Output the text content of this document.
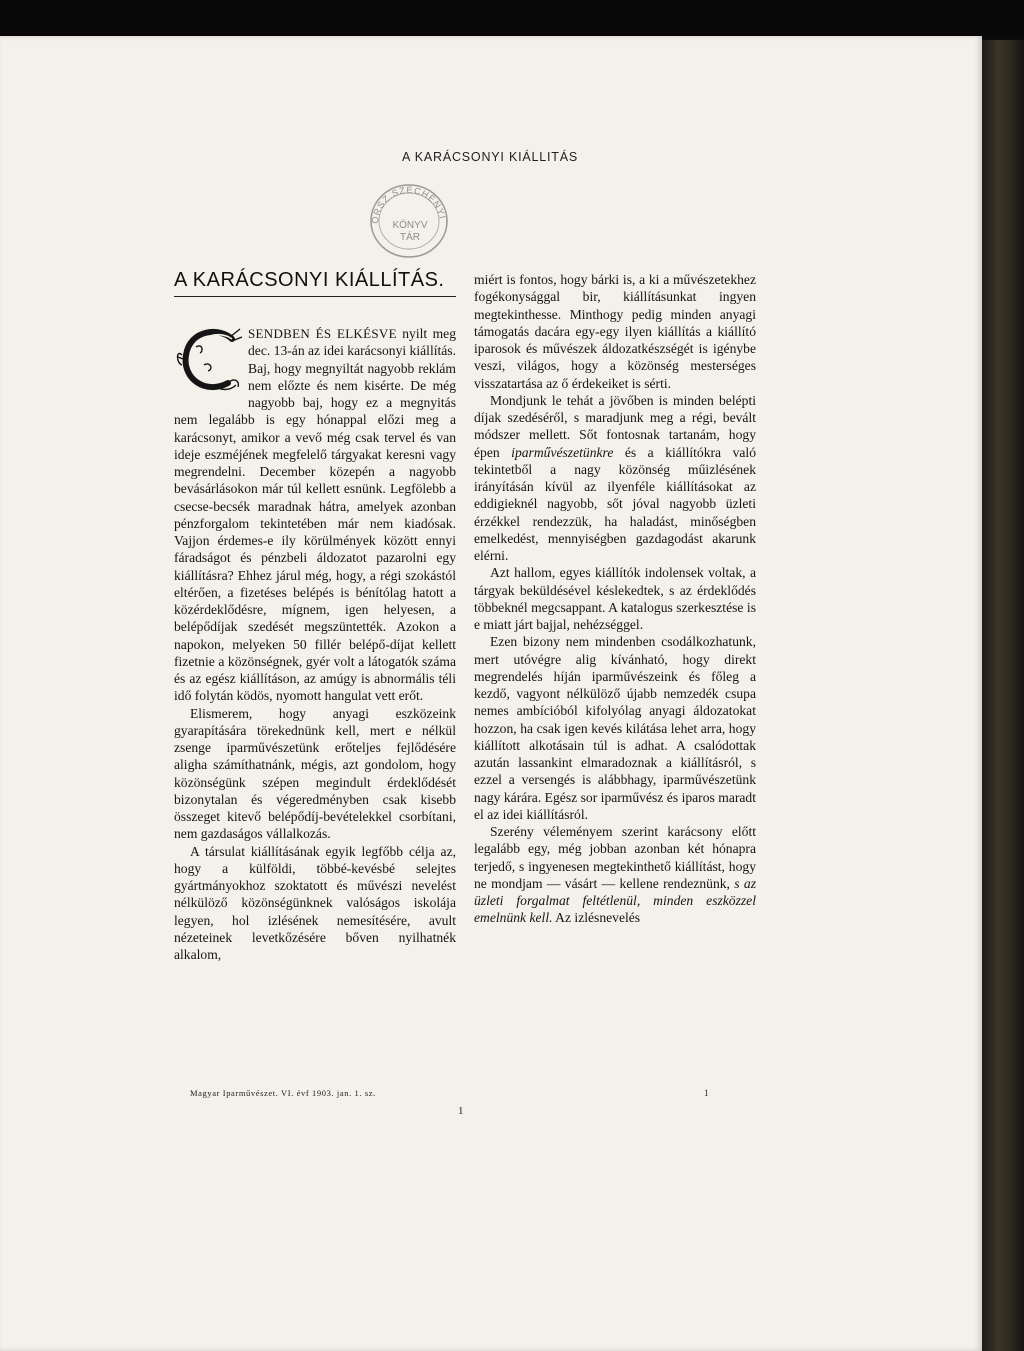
A KARÁCSONYI KIÁLLITÁS
ORSZ.SZÉCHÉNYI
KÖNYV
TÁR
A KARÁCSONYI KIÁLLÍTÁS.
C

SENDBEN ÉS ELKÉSVE nyilt meg dec. 13-án az idei karácsonyi kiállítás. Baj, hogy megnyiltát nagyobb reklám nem előzte és nem kisérte. De még nagyobb baj, hogy ez a megnyitás nem legalább is egy hónappal előzi meg a karácsonyt, amikor a vevő még csak tervel és van ideje eszméjének megfelelő tárgyakat keresni vagy megrendelni. December közepén a nagyobb bevásárlásokon már túl kellett esnünk. Legfölebb a csecse-becsék maradnak hátra, amelyek azonban pénzforgalom tekintetében már nem kiadósak. Vajjon érdemes-e ily körülmények között ennyi fáradságot és pénzbeli áldozatot pazarolni egy kiállításra? Ehhez járul még, hogy, a régi szokástól eltérően, a fizetéses belépés is bénítólag hatott a közérdeklődésre, mígnem, igen helyesen, a belépődíjak szedését megszüntették. Azokon a napokon, melyeken 50 fillér belépő-díjat kellett fizetnie a közönségnek, gyér volt a látogatók száma és az egész kiállításon, az amúgy is abnormális téli idő folytán ködös, nyomott hangulat vett erőt.

Elismerem, hogy anyagi eszközeink gyarapítására törekednünk kell, mert e nélkül zsenge iparművészetünk erőteljes fejlődésére aligha számíthatnánk, mégis, azt gondolom, hogy közönségünk szépen megindult érdeklődését bizonytalan és végeredményben csak kisebb összeget kitevő belépődíj-bevételekkel csorbítani, nem gazdaságos vállalkozás.

A társulat kiállításának egyik legfőbb célja az, hogy a külföldi, többé-kevésbé selejtes gyártmányokhoz szoktatott és művészi nevelést nélkülöző közönségünknek valóságos iskolája legyen, hol izlésének nemesítésére, avult nézeteinek levetkőzésére bőven nyilhatnék alkalom,

miért is fontos, hogy bárki is, a ki a művészetekhez fogékonysággal bir, kiállításunkat ingyen megtekinthesse. Minthogy pedig minden anyagi támogatás dacára egy-egy ilyen kiállítás a kiállító iparosok és művészek áldozatkészségét is igénybe veszi, világos, hogy a közönség mesterséges visszatartása az ő érdekeiket is sérti.

Mondjunk le tehát a jövőben is minden belépti díjak szedéséről, s maradjunk meg a régi, bevált módszer mellett. Sőt fontosnak tartanám, hogy épen iparművészetünkre és a kiállítókra való tekintetből a nagy közönség műizlésének irányításán kívül az ilyenféle kiállításokat az eddigieknél nagyobb, sőt jóval nagyobb üzleti érzékkel rendezzük, ha haladást, minőségben emelkedést, mennyiségben gazdagodást akarunk elérni.

Azt hallom, egyes kiállítók indolensek voltak, a tárgyak beküldésével késlekedtek, s az érdeklődés többeknél megcsappant. A katalogus szerkesztése is e miatt járt bajjal, nehézséggel.

Ezen bizony nem mindenben csodálkozhatunk, mert utóvégre alig kívánható, hogy direkt megrendelés híján iparművészeink és főleg a kezdő, vagyont nélkülöző újabb nemzedék csupa nemes ambícióból kifolyólag anyagi áldozatokat hozzon, ha csak igen kevés kilátása lehet arra, hogy kiállított alkotásain túl is adhat. A csalódottak azután lassankint elmaradoznak a kiállításról, s ezzel a versengés is alábbhagy, iparművészetünk nagy kárára. Egész sor iparművész és iparos maradt el az idei kiállításról.

Szerény véleményem szerint karácsony előtt legalább egy, még jobban azonban két hónapra terjedő, s ingyenesen megtekinthető kiállítást, hogy ne mondjam — vásárt — kellene rendeznünk, s az üzleti forgalmat feltétlenül, minden eszközzel emelnünk kell. Az izlésnevelés

Magyar Iparművészet. VI. évf 1903. jan. 1. sz.	1
1
